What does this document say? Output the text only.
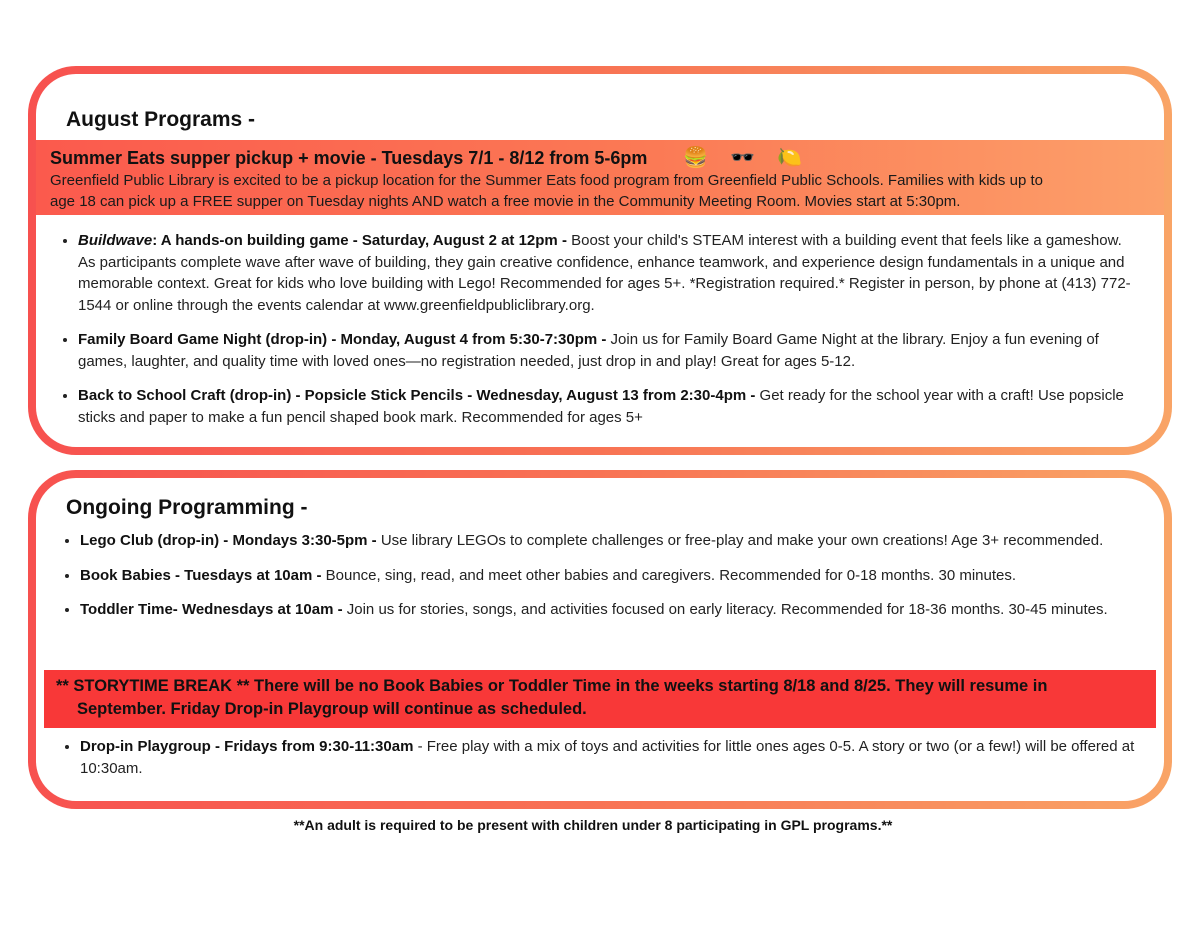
August Programs -
Summer Eats supper pickup + movie - Tuesdays 7/1 - 8/12 from 5-6pm 🍔 🕶️ 🍋
Greenfield Public Library is excited to be a pickup location for the Summer Eats food program from Greenfield Public Schools. Families with kids up to
age 18 can pick up a FREE supper on Tuesday nights AND watch a free movie in the Community Meeting Room. Movies start at 5:30pm.
• Buildwave: A hands-on building game - Saturday, August 2 at 12pm - Boost your child's STEAM interest with a building event that feels like a gameshow. As participants complete wave after wave of building, they gain creative confidence, enhance teamwork, and experience design fundamentals in a unique and memorable context. Great for kids who love building with Lego! Recommended for ages 5+. *Registration required.* Register in person, by phone at (413) 772-1544 or online through the events calendar at www.greenfieldpubliclibrary.org.
• Family Board Game Night (drop-in) - Monday, August 4 from 5:30-7:30pm - Join us for Family Board Game Night at the library. Enjoy a fun evening of games, laughter, and quality time with loved ones—no registration needed, just drop in and play! Great for ages 5-12.
• Back to School Craft (drop-in) - Popsicle Stick Pencils - Wednesday, August 13 from 2:30-4pm - Get ready for the school year with a craft! Use popsicle sticks and paper to make a fun pencil shaped book mark. Recommended for ages 5+
Ongoing Programming -
• Lego Club (drop-in) - Mondays 3:30-5pm - Use library LEGOs to complete challenges or free-play and make your own creations! Age 3+ recommended.
• Book Babies - Tuesdays at 10am - Bounce, sing, read, and meet other babies and caregivers. Recommended for 0-18 months. 30 minutes.
• Toddler Time- Wednesdays at 10am - Join us for stories, songs, and activities focused on early literacy. Recommended for 18-36 months. 30-45 minutes.
** STORYTIME BREAK ** There will be no Book Babies or Toddler Time in the weeks starting 8/18 and 8/25. They will resume in
September. Friday Drop-in Playgroup will continue as scheduled.
• Drop-in Playgroup - Fridays from 9:30-11:30am - Free play with a mix of toys and activities for little ones ages 0-5. A story or two (or a few!) will be offered at 10:30am.
**An adult is required to be present with children under 8 participating in GPL programs.**
